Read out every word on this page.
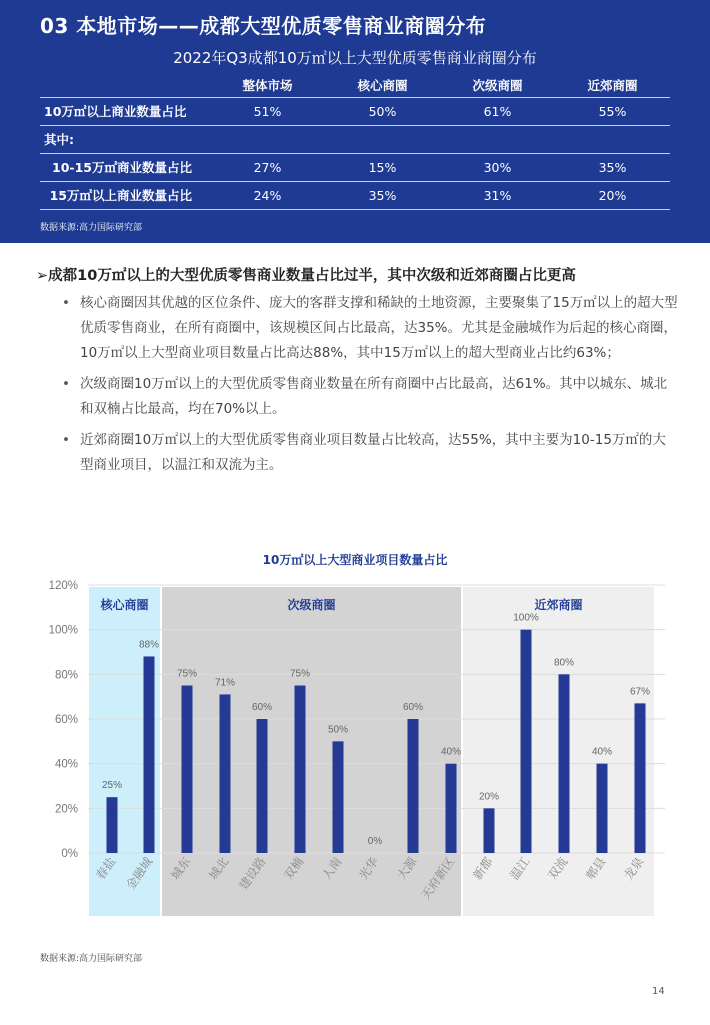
03 本地市场——成都大型优质零售商业商圈分布
2022年Q3成都10万㎡以上大型优质零售商业商圈分布
	整体市场	核心商圈	次级商圈	近郊商圈
10万㎡以上商业数量占比	51%	50%	61%	55%
其中:				
10-15万㎡商业数量占比	27%	15%	30%	35%
15万㎡以上商业数量占比	24%	35%	31%	20%
数据来源:高力国际研究部
➢成都10万㎡以上的大型优质零售商业数量占比过半，其中次级和近郊商圈占比更高
• 核心商圈因其优越的区位条件、庞大的客群支撑和稀缺的土地资源，主要聚集了15万㎡以上的超大型优质零售商业，在所有商圈中，该规模区间占比最高，达35%。尤其是金融城作为后起的核心商圈，10万㎡以上大型商业项目数量占比高达88%，其中15万㎡以上的超大型商业占比约63%；
• 次级商圈10万㎡以上的大型优质零售商业数量在所有商圈中占比最高，达61%。其中以城东、城北和双楠占比最高，均在70%以上。
• 近郊商圈10万㎡以上的大型优质零售商业项目数量占比较高，达55%，其中主要为10-15万㎡的大型商业项目，以温江和双流为主。
10万㎡以上大型商业项目数量占比
0%
20%
40%
60%
80%
100%
120%
核心商圈	次级商圈	近郊商圈
25%
春盐
88%
金融城
75%
城东
71%
城北
60%
建设路
75%
双楠
50%
人南
0%
光华
60%
大源
40%
天府新区
20%
新都
100%
温江
80%
双流
40%
郫县
67%
龙泉
数据来源:高力国际研究部
14
